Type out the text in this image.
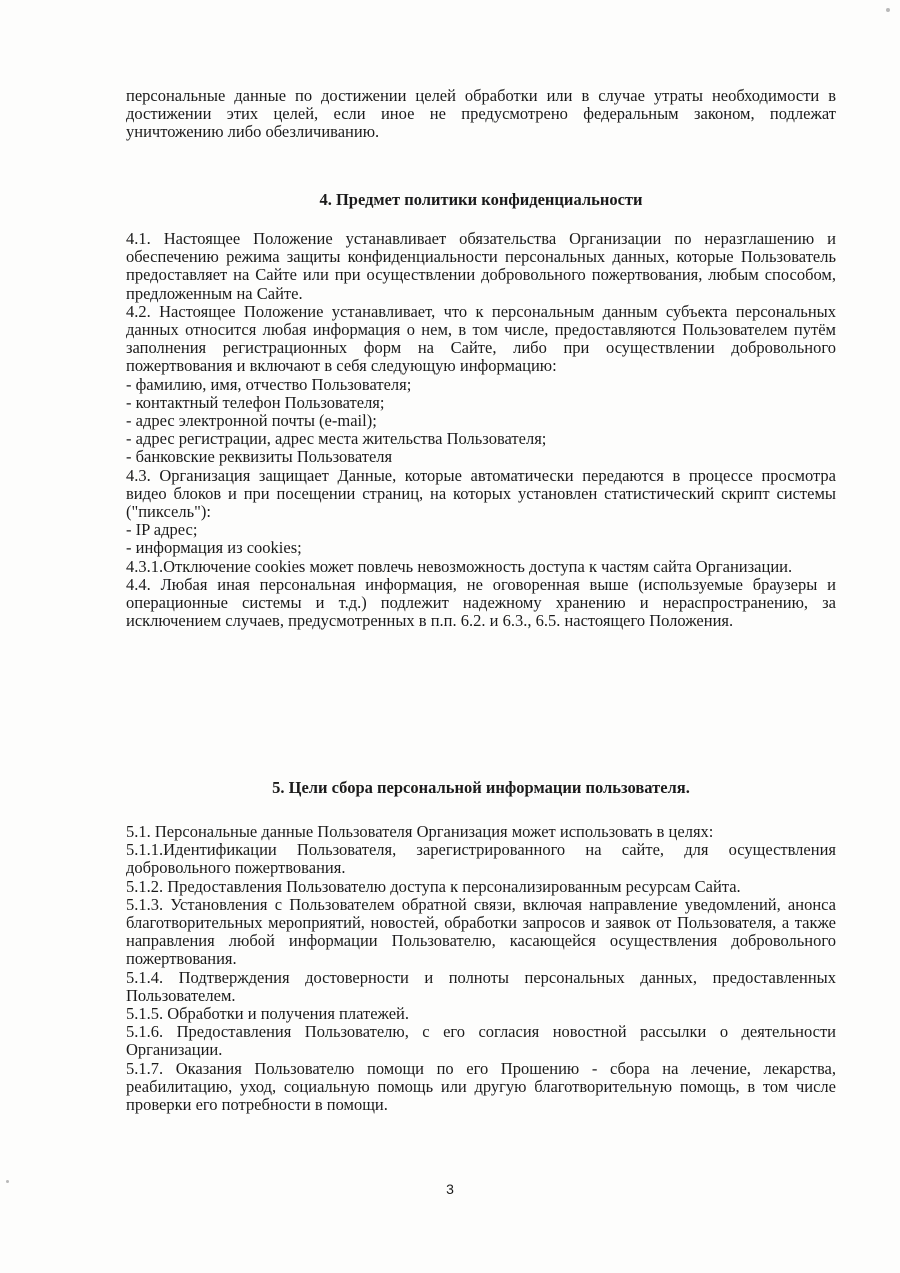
персональные данные по достижении целей обработки или в случае утраты необходимости в достижении этих целей, если иное не предусмотрено федеральным законом, подлежат уничтожению либо обезличиванию.

4. Предмет политики конфиденциальности

4.1. Настоящее Положение устанавливает обязательства Организации по неразглашению и обеспечению режима защиты конфиденциальности персональных данных, которые Пользователь предоставляет на Сайте или при осуществлении добровольного пожертвования, любым способом, предложенным на Сайте.

4.2. Настоящее Положение устанавливает, что к персональным данным субъекта персональных данных относится любая информация о нем, в том числе, предоставляются Пользователем путём заполнения регистрационных форм на Сайте, либо при осуществлении добровольного пожертвования и включают в себя следующую информацию:

- фамилию, имя, отчество Пользователя;

- контактный телефон Пользователя;

- адрес электронной почты (e-mail);

- адрес регистрации, адрес места жительства Пользователя;

- банковские реквизиты Пользователя

4.3. Организация защищает Данные, которые автоматически передаются в процессе просмотра видео блоков и при посещении страниц, на которых установлен статистический скрипт системы ("пиксель"):

- IP адрес;

- информация из cookies;

4.3.1.Отключение cookies может повлечь невозможность доступа к частям сайта Организации.

4.4. Любая иная персональная информация, не оговоренная выше (используемые браузеры и операционные системы и т.д.) подлежит надежному хранению и нераспространению, за исключением случаев, предусмотренных в п.п. 6.2. и 6.3., 6.5. настоящего Положения.

5. Цели сбора персональной информации пользователя.

5.1. Персональные данные Пользователя Организация может использовать в целях:

5.1.1.Идентификации Пользователя, зарегистрированного на сайте, для осуществления добровольного пожертвования.

5.1.2. Предоставления Пользователю доступа к персонализированным ресурсам Сайта.

5.1.3. Установления с Пользователем обратной связи, включая направление уведомлений, анонса благотворительных мероприятий, новостей, обработки запросов и заявок от Пользователя, а также направления любой информации Пользователю, касающейся осуществления добровольного пожертвования.

5.1.4. Подтверждения достоверности и полноты персональных данных, предоставленных Пользователем.

5.1.5. Обработки и получения платежей.

5.1.6. Предоставления Пользователю, с его согласия новостной рассылки о деятельности Организации.

5.1.7. Оказания Пользователю помощи по его Прошению - сбора на лечение, лекарства, реабилитацию, уход, социальную помощь или другую благотворительную помощь, в том числе проверки его потребности в помощи.

3
